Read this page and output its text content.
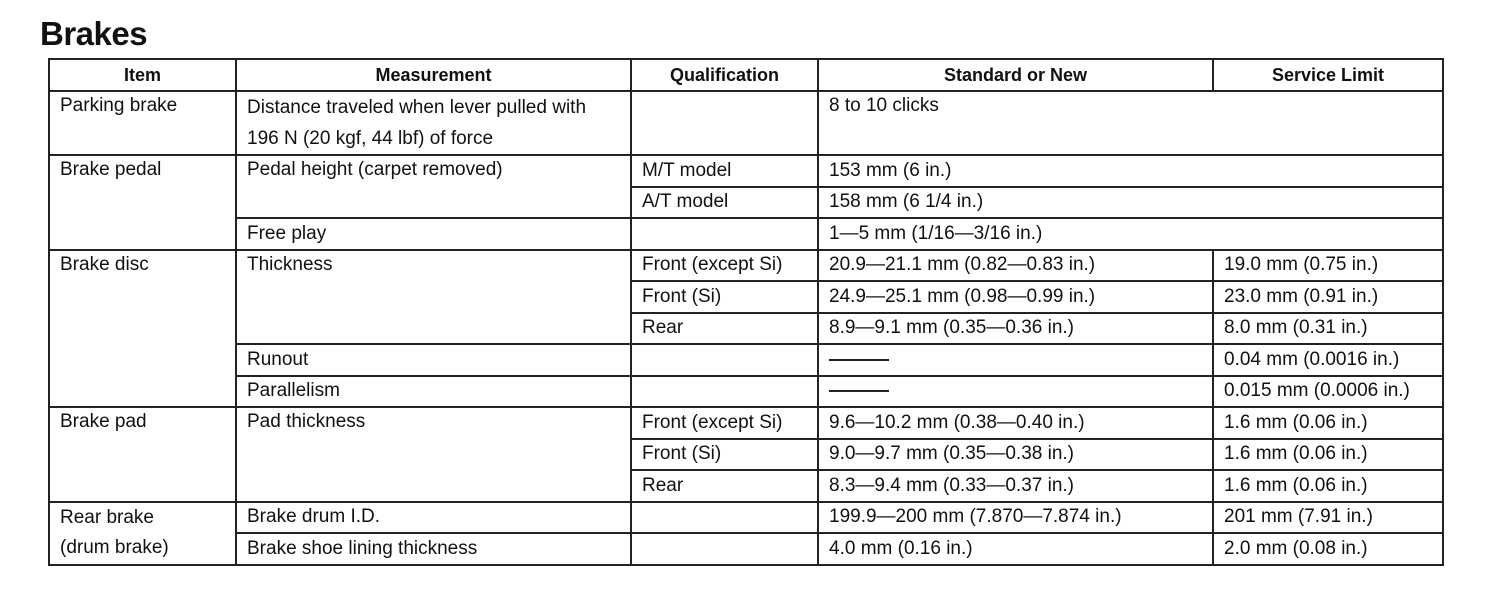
Brakes
Item	Measurement	Qualification	Standard or New	Service Limit
Parking brake	Distance traveled when lever pulled with 196 N (20 kgf, 44 lbf) of force		8 to 10 clicks	

Brake pedal	Pedal height (carpet removed)	M/T model	153 mm (6 in.)	
		A/T model	158 mm (6 1/4 in.)	
	Free play		1—5 mm (1/16—3/16 in.)	
Brake disc	Thickness	Front (except Si)	20.9—21.1 mm (0.82—0.83 in.)	19.0 mm (0.75 in.)
		Front (Si)	24.9—25.1 mm (0.98—0.99 in.)	23.0 mm (0.91 in.)
		Rear	8.9—9.1 mm (0.35—0.36 in.)	8.0 mm (0.31 in.)
	Runout			0.04 mm (0.0016 in.)
	Parallelism			0.015 mm (0.0006 in.)
Brake pad	Pad thickness	Front (except Si)	9.6—10.2 mm (0.38—0.40 in.)	1.6 mm (0.06 in.)
		Front (Si)	9.0—9.7 mm (0.35—0.38 in.)	1.6 mm (0.06 in.)
		Rear	8.3—9.4 mm (0.33—0.37 in.)	1.6 mm (0.06 in.)
Rear brake	Brake drum I.D.		199.9—200 mm (7.870—7.874 in.)	201 mm (7.91 in.)
(drum brake)	Brake shoe lining thickness		4.0 mm (0.16 in.)	2.0 mm (0.08 in.)
